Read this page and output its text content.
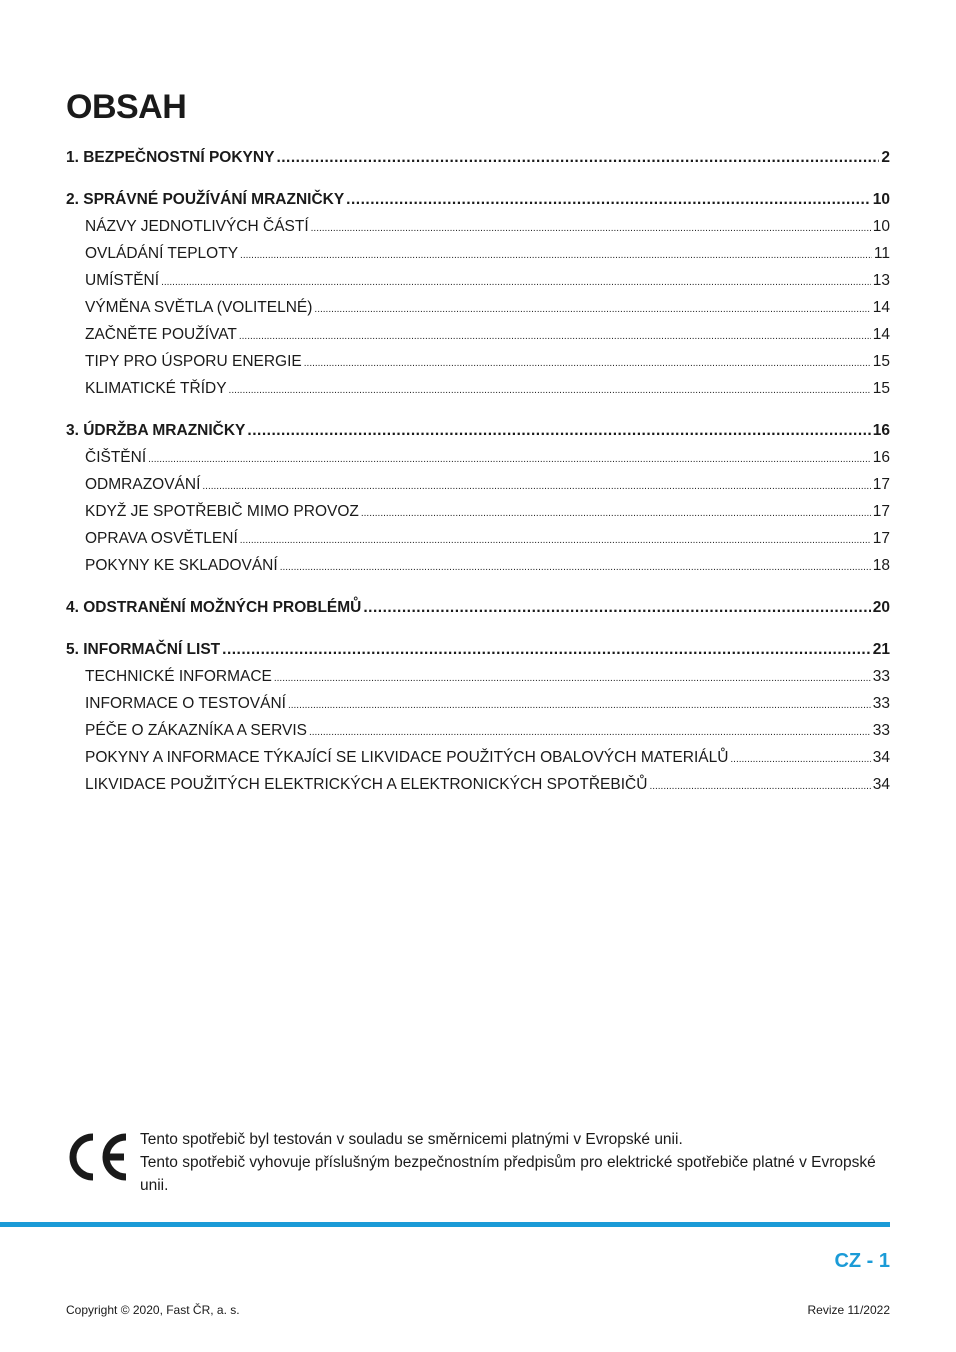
OBSAH
1. BEZPEČNOSTNÍ POKYNY .....	2
2. SPRÁVNÉ POUŽÍVÁNÍ MRAZNIČKY .....	10
NÁZVY JEDNOTLIVÝCH ČÁSTÍ .....	10
OVLÁDÁNÍ TEPLOTY .....	11
UMÍSTĚNÍ .....	13
VÝMĚNA SVĚTLA (VOLITELNÉ) .....	14
ZAČNĚTE POUŽÍVAT .....	14
TIPY PRO ÚSPORU ENERGIE .....	15
KLIMATICKÉ TŘÍDY .....	15
3. ÚDRŽBA MRAZNIČKY .....	16
ČIŠTĚNÍ .....	16
ODMRAZOVÁNÍ .....	17
KDYŽ JE SPOTŘEBIČ MIMO PROVOZ .....	17
OPRAVA OSVĚTLENÍ .....	17
POKYNY KE SKLADOVÁNÍ .....	18
4. ODSTRANĚNÍ MOŽNÝCH PROBLÉMŮ .....	20
5. INFORMAČNÍ LIST .....	21
TECHNICKÉ INFORMACE .....	33
INFORMACE O TESTOVÁNÍ .....	33
PÉČE O ZÁKAZNÍKA A SERVIS .....	33
POKYNY A INFORMACE TÝKAJÍCÍ SE LIKVIDACE POUŽITÝCH OBALOVÝCH MATERIÁLŮ .....	34
LIKVIDACE POUŽITÝCH ELEKTRICKÝCH A ELEKTRONICKÝCH SPOTŘEBIČŮ .....	34
Tento spotřebič byl testován v souladu se směrnicemi platnými v Evropské unii.
Tento spotřebič vyhovuje příslušným bezpečnostním předpisům pro elektrické spotřebiče platné v Evropské unii.
CZ - 1
Copyright © 2020, Fast ČR, a. s.	Revize 11/2022
